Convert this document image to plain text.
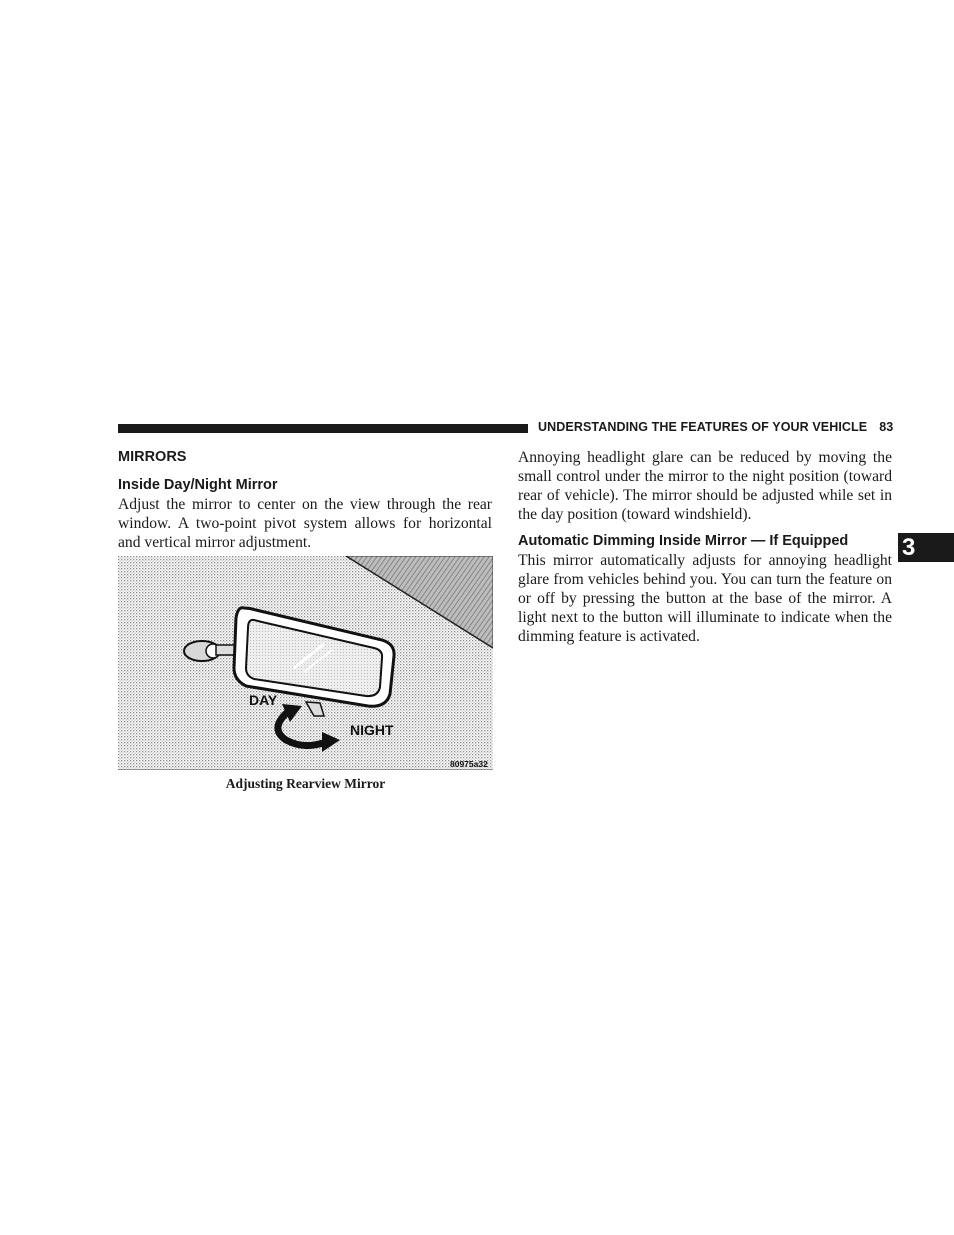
UNDERSTANDING THE FEATURES OF YOUR VEHICLE 83
3
MIRRORS
Inside Day/Night Mirror

Adjust the mirror to center on the view through the rear window. A two-point pivot system allows for horizontal and vertical mirror adjustment.

DAY
NIGHT
80975a32
Adjusting Rearview Mirror

Annoying headlight glare can be reduced by moving the small control under the mirror to the night position (toward rear of vehicle). The mirror should be adjusted while set in the day position (toward windshield).

Automatic Dimming Inside Mirror — If Equipped

This mirror automatically adjusts for annoying headlight glare from vehicles behind you. You can turn the feature on or off by pressing the button at the base of the mirror. A light next to the button will illuminate to indicate when the dimming feature is activated.
